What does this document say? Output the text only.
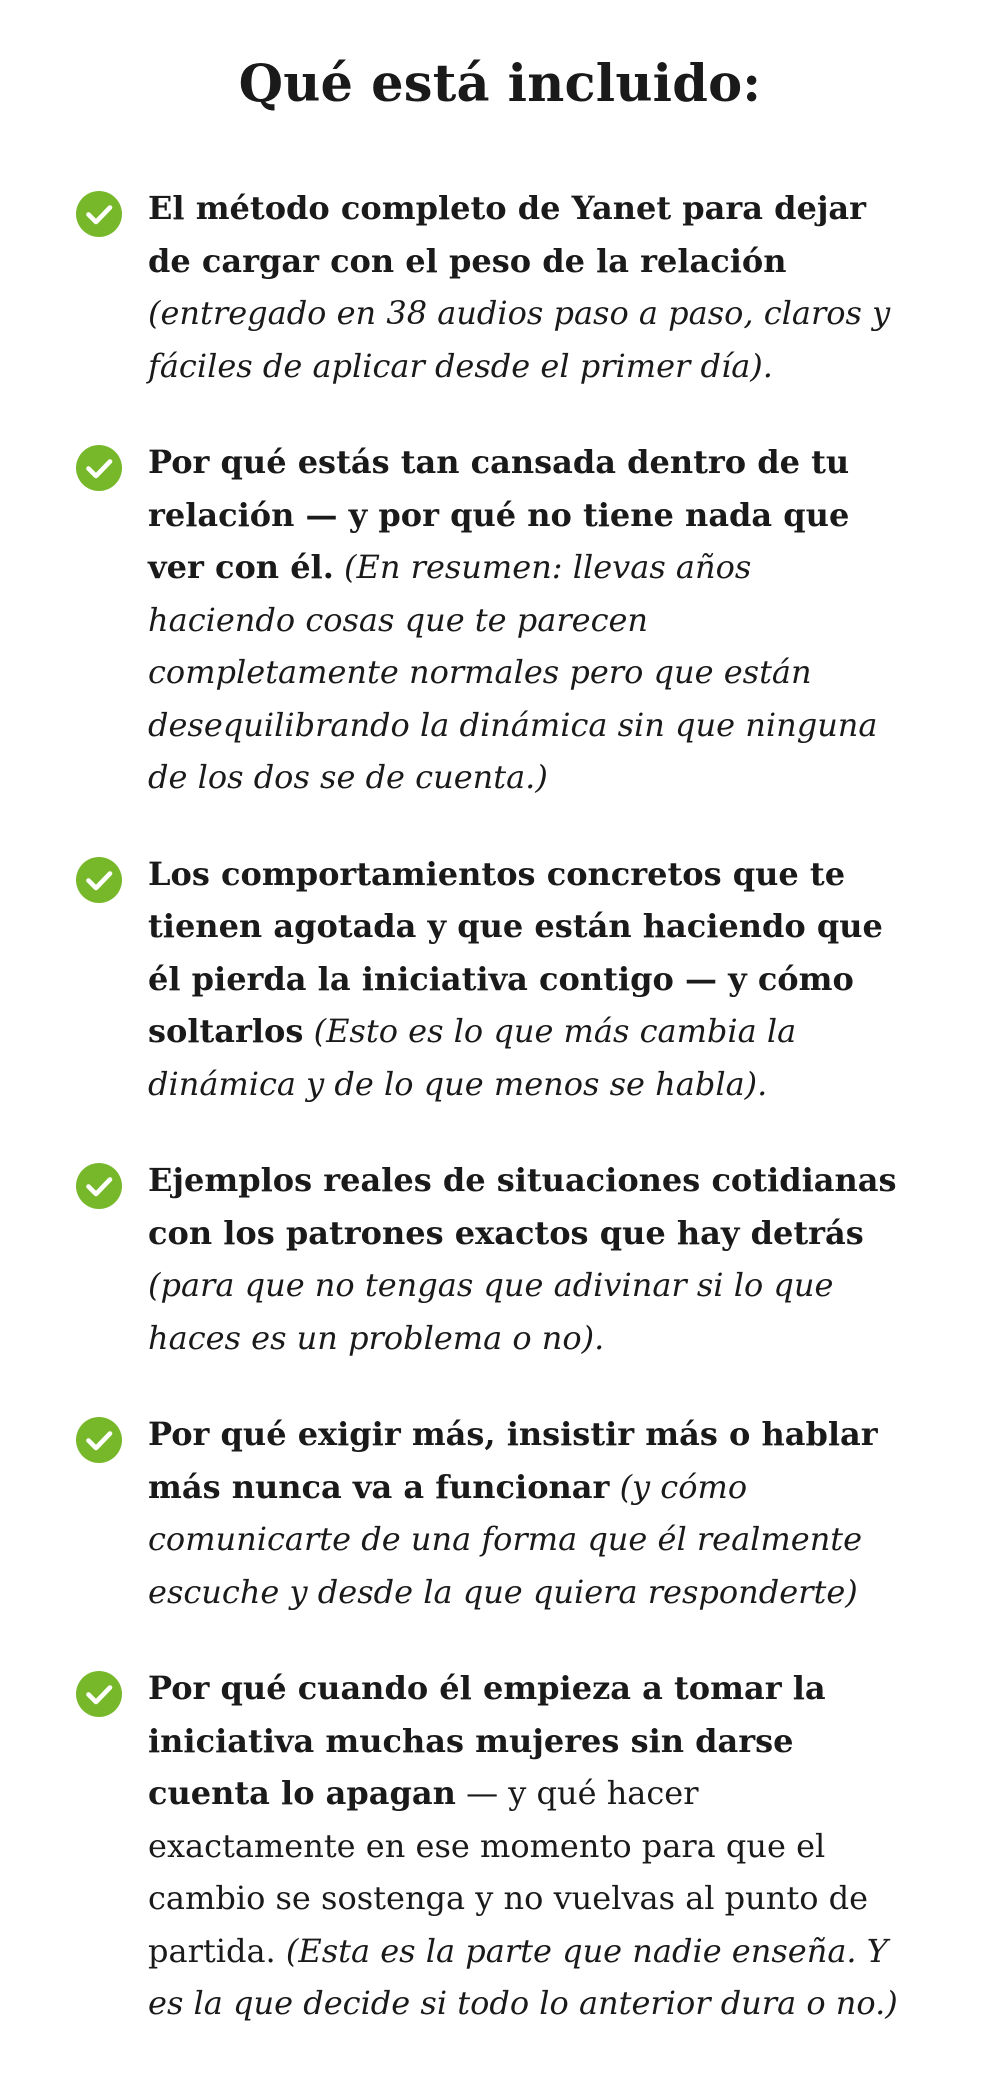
Qué está incluido:
El método completo de Yanet para dejar de cargar con el peso de la relación (entregado en 38 audios paso a paso, claros y fáciles de aplicar desde el primer día).
Por qué estás tan cansada dentro de tu relación — y por qué no tiene nada que ver con él. (En resumen: llevas años haciendo cosas que te parecen completamente normales pero que están desequilibrando la dinámica sin que ninguna de los dos se de cuenta.)
Los comportamientos concretos que te tienen agotada y que están haciendo que él pierda la iniciativa contigo — y cómo soltarlos (Esto es lo que más cambia la dinámica y de lo que menos se habla).
Ejemplos reales de situaciones cotidianas con los patrones exactos que hay detrás (para que no tengas que adivinar si lo que haces es un problema o no).
Por qué exigir más, insistir más o hablar más nunca va a funcionar (y cómo comunicarte de una forma que él realmente escuche y desde la que quiera responderte)
Por qué cuando él empieza a tomar la iniciativa muchas mujeres sin darse cuenta lo apagan — y qué hacer exactamente en ese momento para que el cambio se sostenga y no vuelvas al punto de partida. (Esta es la parte que nadie enseña. Y es la que decide si todo lo anterior dura o no.)
